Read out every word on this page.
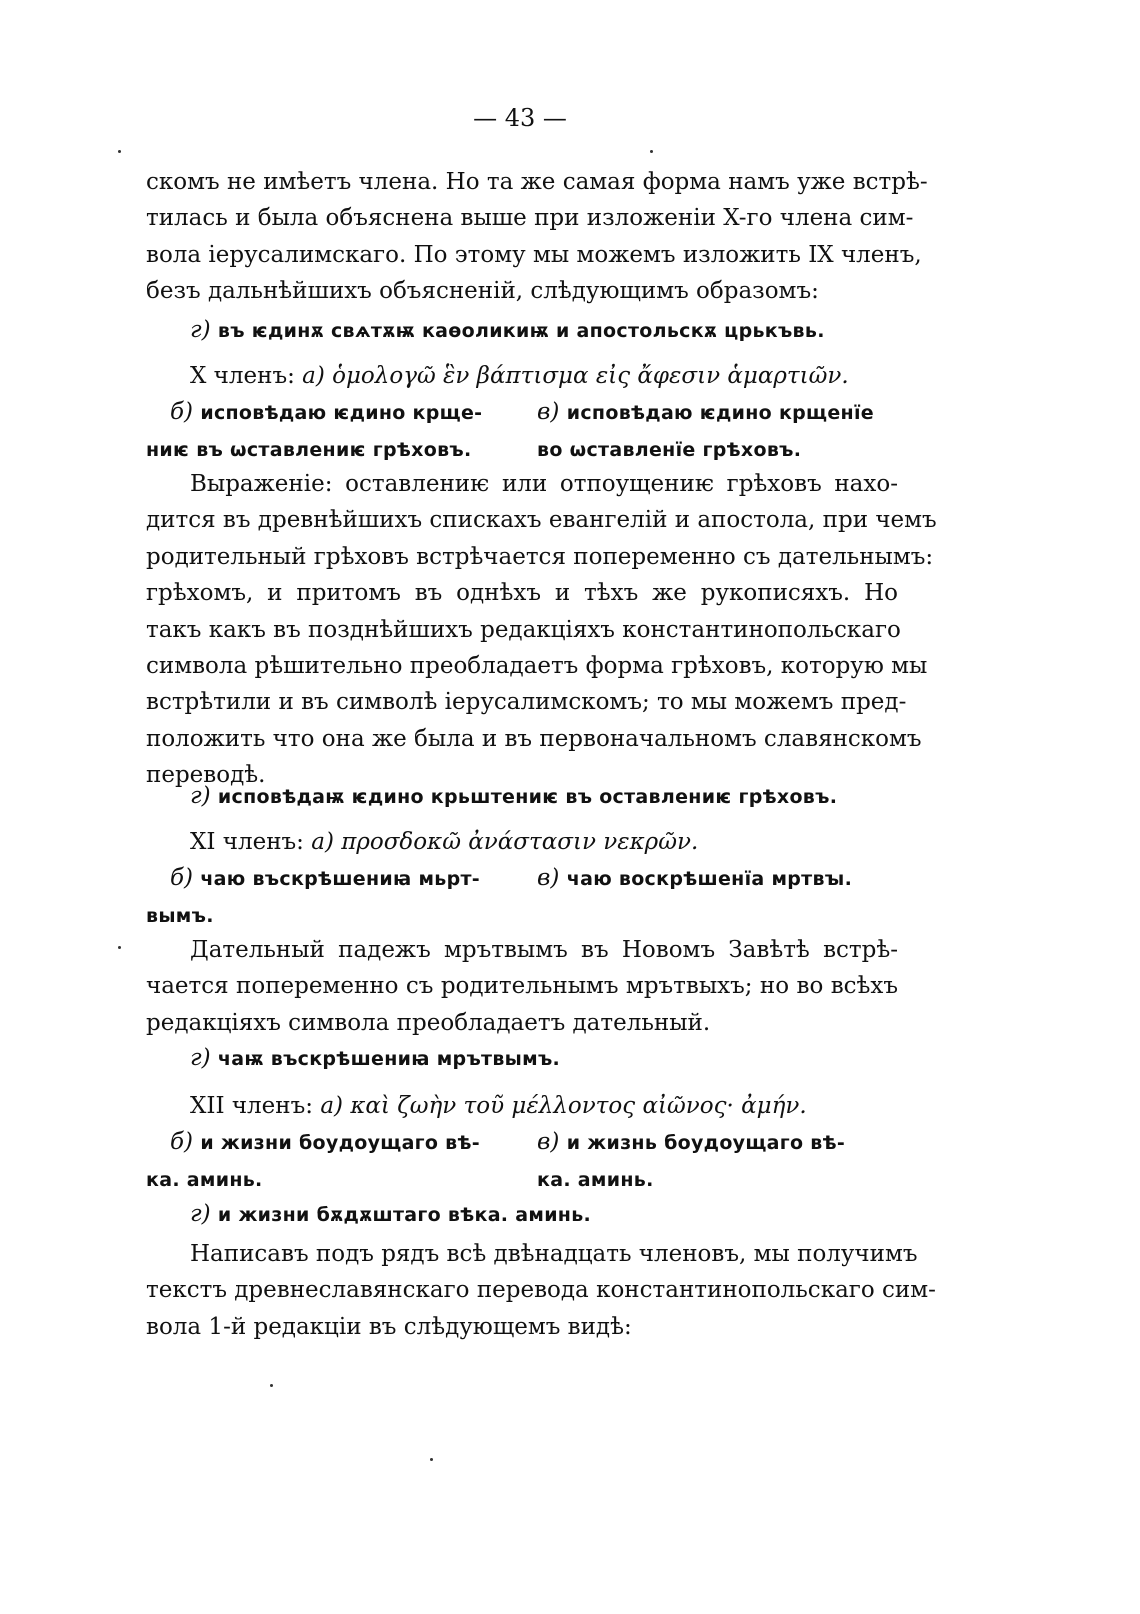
— 43 —
скомъ не имѣетъ члена. Но та же самая форма намъ уже встрѣ-
тилась и была объяснена выше при изложеніи X-го члена сим-
вола іерусалимскаго. По этому мы можемъ изложить IX членъ,
безъ дальнѣйшихъ объясненій, слѣдующимъ образомъ:
г) въ ѥдинѫ свѧтѫѭ каѳоликиѭ и апостольскѫ црькъвь.
X членъ: а) ὁμολογῶ ἓν βάπτισμα εἰς ἄφεσιν ἁμαρτιῶν.
б) исповѣдаю ѥдино крще-
ниѥ въ ѡставлениѥ грѣховъ.
в) исповѣдаю ѥдино крщенїе
во ѡставленїе грѣховъ.
Выраженіе: оставлениѥ или отпоущениѥ грѣховъ нахо-
дится въ древнѣйшихъ спискахъ евангелій и апостола, при чемъ
родительный грѣховъ встрѣчается попеременно съ дательнымъ:
грѣхомъ, и притомъ въ однѣхъ и тѣхъ же рукописяхъ. Но
такъ какъ въ позднѣйшихъ редакціяхъ константинопольскаго
символа рѣшительно преобладаетъ форма грѣховъ, которую мы
встрѣтили и въ символѣ іерусалимскомъ; то мы можемъ пред-
положить что она же была и въ первоначальномъ славянскомъ
переводѣ.
г) исповѣдаѭ ѥдино крьштениѥ въ оставлениѥ грѣховъ.
XI членъ: а) προσδοκῶ ἀνάστασιν νεκρῶν.
б) чаю въскрѣшениꙗ мьрт-
вымъ.
в) чаю воскрѣшенїа мртвꙑ.
Дательный падежъ мрътвымъ въ Новомъ Завѣтѣ встрѣ-
чается попеременно съ родительнымъ мрътвыхъ; но во всѣхъ
редакціяхъ символа преобладаетъ дательный.
г) чаѭ въскрѣшениꙗ мрътвымъ.
XII членъ: а) καὶ ζωὴν τοῦ μέλλοντος αἰῶνος· ἀμήν.
б) и жизни боудоущаго вѣ-
ка. аминь.
в) и жизнь боудоущаго вѣ-
ка. аминь.
г) и жизни бѫдѫштаго вѣка. аминь.
Написавъ подъ рядъ всѣ двѣнадцать членовъ, мы получимъ
текстъ древнеславянскаго перевода константинопольскаго сим-
вола 1-й редакціи въ слѣдующемъ видѣ:
